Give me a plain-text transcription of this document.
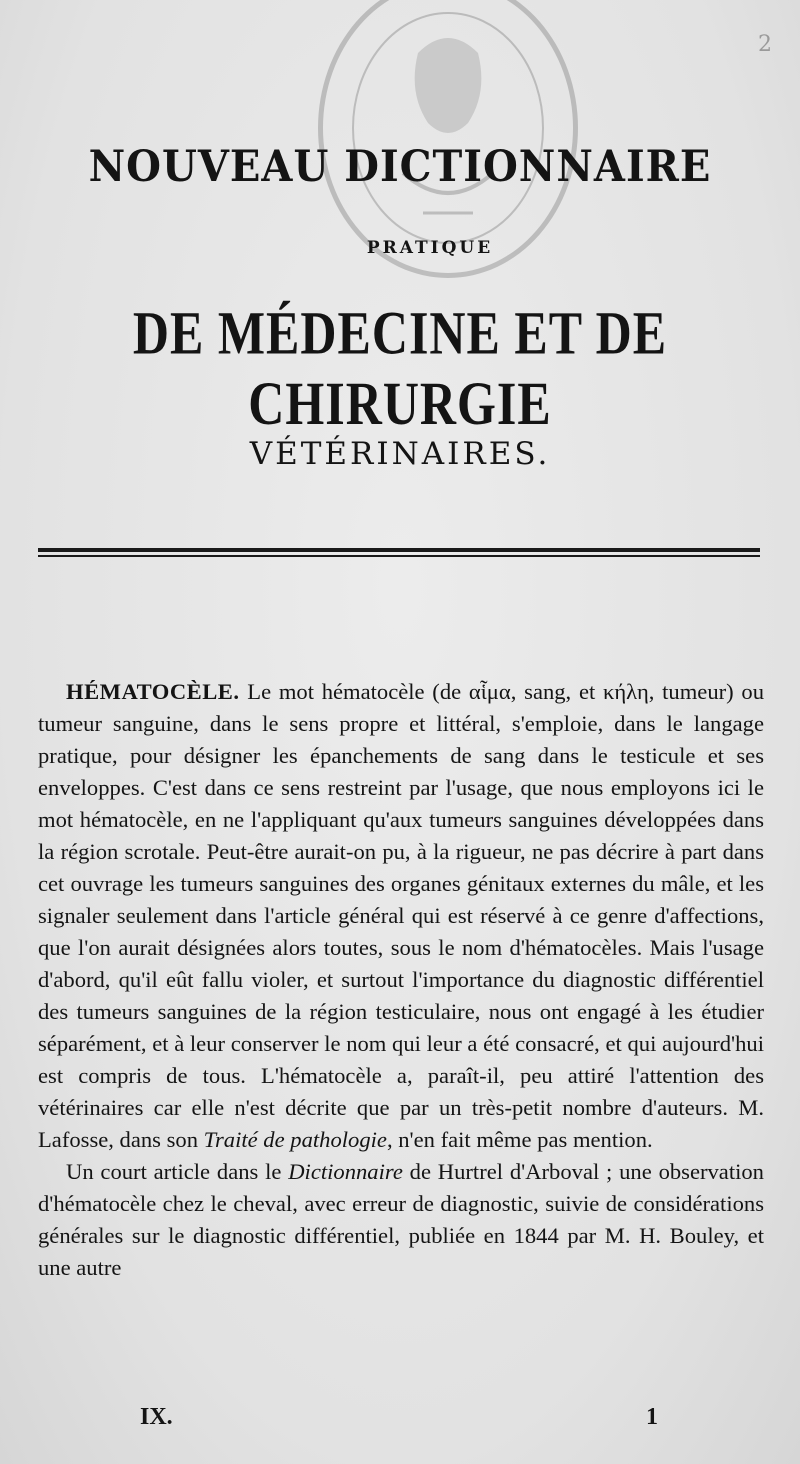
2
NOUVEAU DICTIONNAIRE
PRATIQUE
DE MÉDECINE ET DE CHIRURGIE
VÉTÉRINAIRES.

HÉMATOCÈLE. Le mot hématocèle (de αἷμα, sang, et κήλη, tumeur) ou tumeur sanguine, dans le sens propre et littéral, s'emploie, dans le langage pratique, pour désigner les épanchements de sang dans le testicule et ses enveloppes. C'est dans ce sens restreint par l'usage, que nous employons ici le mot hématocèle, en ne l'appliquant qu'aux tumeurs sanguines développées dans la région scrotale. Peut-être aurait-on pu, à la rigueur, ne pas décrire à part dans cet ouvrage les tumeurs sanguines des organes génitaux externes du mâle, et les signaler seulement dans l'article général qui est réservé à ce genre d'affections, que l'on aurait désignées alors toutes, sous le nom d'hématocèles. Mais l'usage d'abord, qu'il eût fallu violer, et surtout l'importance du diagnostic différentiel des tumeurs sanguines de la région testiculaire, nous ont engagé à les étudier séparément, et à leur conserver le nom qui leur a été consacré, et qui aujourd'hui est compris de tous. L'hématocèle a, paraît-il, peu attiré l'attention des vétérinaires car elle n'est décrite que par un très-petit nombre d'auteurs. M. Lafosse, dans son Traité de pathologie, n'en fait même pas mention.

Un court article dans le Dictionnaire de Hurtrel d'Arboval ; une observation d'hématocèle chez le cheval, avec erreur de diagnostic, suivie de considérations générales sur le diagnostic différentiel, publiée en 1844 par M. H. Bouley, et une autre

IX.	1
